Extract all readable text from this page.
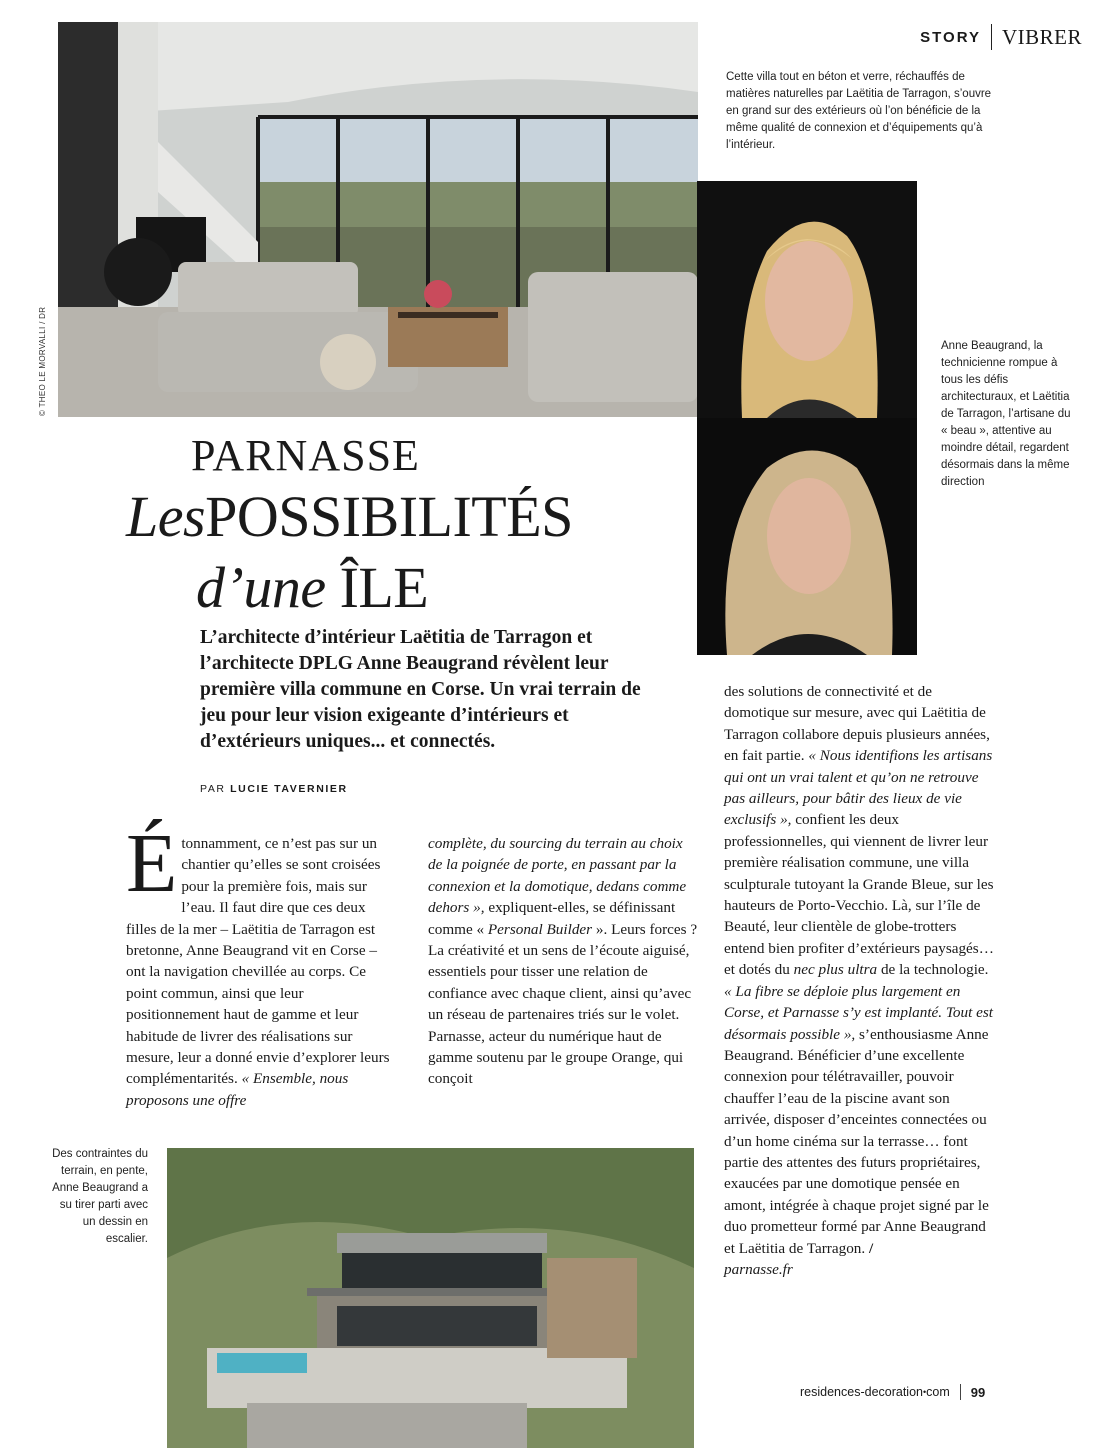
STORY VIBRER
© THEO LE MORVALLI / DR
Cette villa tout en béton et verre, réchauffés de matières naturelles par Laëtitia de Tarragon, s’ouvre en grand sur des extérieurs où l’on bénéficie de la même qualité de connexion et d’équipements qu’à l’intérieur.
Anne Beaugrand, la technicienne rompue à tous les défis architecturaux, et Laëtitia de Tarragon, l’artisane du « beau », attentive au moindre détail, regardent désormais dans la même direction
PARNASSE
LesPOSSIBILITÉS
d’une ÎLE
L’architecte d’intérieur Laëtitia de Tarragon et l’architecte DPLG Anne Beaugrand révèlent leur première villa commune en Corse. Un vrai terrain de jeu pour leur vision exigeante d’intérieurs et d’extérieurs uniques... et connectés.
PAR LUCIE TAVERNIER

Étonnamment, ce n’est pas sur un chantier qu’elles se sont croisées pour la première fois, mais sur l’eau. Il faut dire que ces deux filles de la mer – Laëtitia de Tarragon est bretonne, Anne Beaugrand vit en Corse – ont la navigation chevillée au corps. Ce point commun, ainsi que leur positionnement haut de gamme et leur habitude de livrer des réalisations sur mesure, leur a donné envie d’explorer leurs complémentarités. « Ensemble, nous proposons une offre

complète, du sourcing du terrain au choix de la poignée de porte, en passant par la connexion et la domotique, dedans comme dehors », expliquent-elles, se définissant comme « Personal Builder ». Leurs forces ? La créativité et un sens de l’écoute aiguisé, essentiels pour tisser une relation de confiance avec chaque client, ainsi qu’avec un réseau de partenaires triés sur le volet. Parnasse, acteur du numérique haut de gamme soutenu par le groupe Orange, qui conçoit

des solutions de connectivité et de domotique sur mesure, avec qui Laëtitia de Tarragon collabore depuis plusieurs années, en fait partie. « Nous identifions les artisans qui ont un vrai talent et qu’on ne retrouve pas ailleurs, pour bâtir des lieux de vie exclusifs », confient les deux professionnelles, qui viennent de livrer leur première réalisation commune, une villa sculpturale tutoyant la Grande Bleue, sur les hauteurs de Porto-Vecchio. Là, sur l’île de Beauté, leur clientèle de globe-trotters entend bien profiter d’extérieurs paysagés… et dotés du nec plus ultra de la technologie. « La fibre se déploie plus largement en Corse, et Parnasse s’y est implanté. Tout est désormais possible », s’enthousiasme Anne Beaugrand. Bénéficier d’une excellente connexion pour télétravailler, pouvoir chauffer l’eau de la piscine avant son arrivée, disposer d’enceintes connectées ou d’un home cinéma sur la terrasse… font partie des attentes des futurs propriétaires, exaucées par une domotique pensée en amont, intégrée à chaque projet signé par le duo prometteur formé par Anne Beaugrand et Laëtitia de Tarragon. /
parnasse.fr

Des contraintes du terrain, en pente, Anne Beaugrand a su tirer parti avec un dessin en escalier.
residences-decoration • com 99
